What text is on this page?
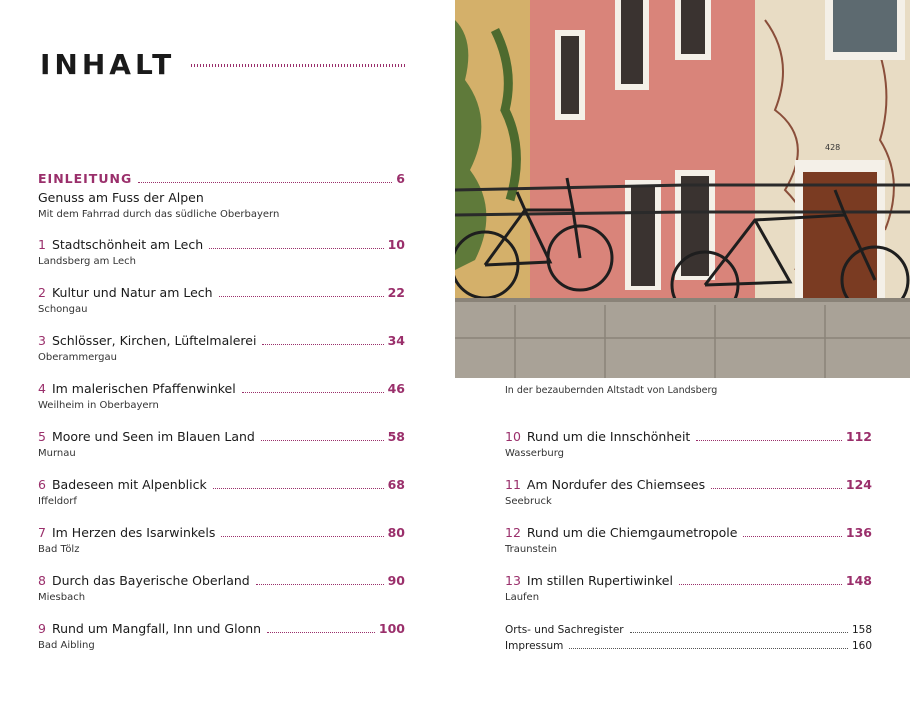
INHALT
EINLEITUNG	6
Genuss am Fuss der Alpen
Mit dem Fahrrad durch das südliche Oberbayern
1 Stadtschönheit am Lech	10
Landsberg am Lech
2 Kultur und Natur am Lech	22
Schongau
3 Schlösser, Kirchen, Lüftelmalerei	34
Oberammergau
4 Im malerischen Pfaffenwinkel	46
Weilheim in Oberbayern
5 Moore und Seen im Blauen Land	58
Murnau
6 Badeseen mit Alpenblick	68
Iffeldorf
7 Im Herzen des Isarwinkels	80
Bad Tölz
8 Durch das Bayerische Oberland	90
Miesbach
9 Rund um Mangfall, Inn und Glonn	100
Bad Aibling
428
In der bezaubernden Altstadt von Landsberg
10 Rund um die Innschönheit	112
Wasserburg
11 Am Nordufer des Chiemsees	124
Seebruck
12 Rund um die Chiemgaumetropole	136
Traunstein
13 Im stillen Rupertiwinkel	148
Laufen
Orts- und Sachregister	158
Impressum	160
